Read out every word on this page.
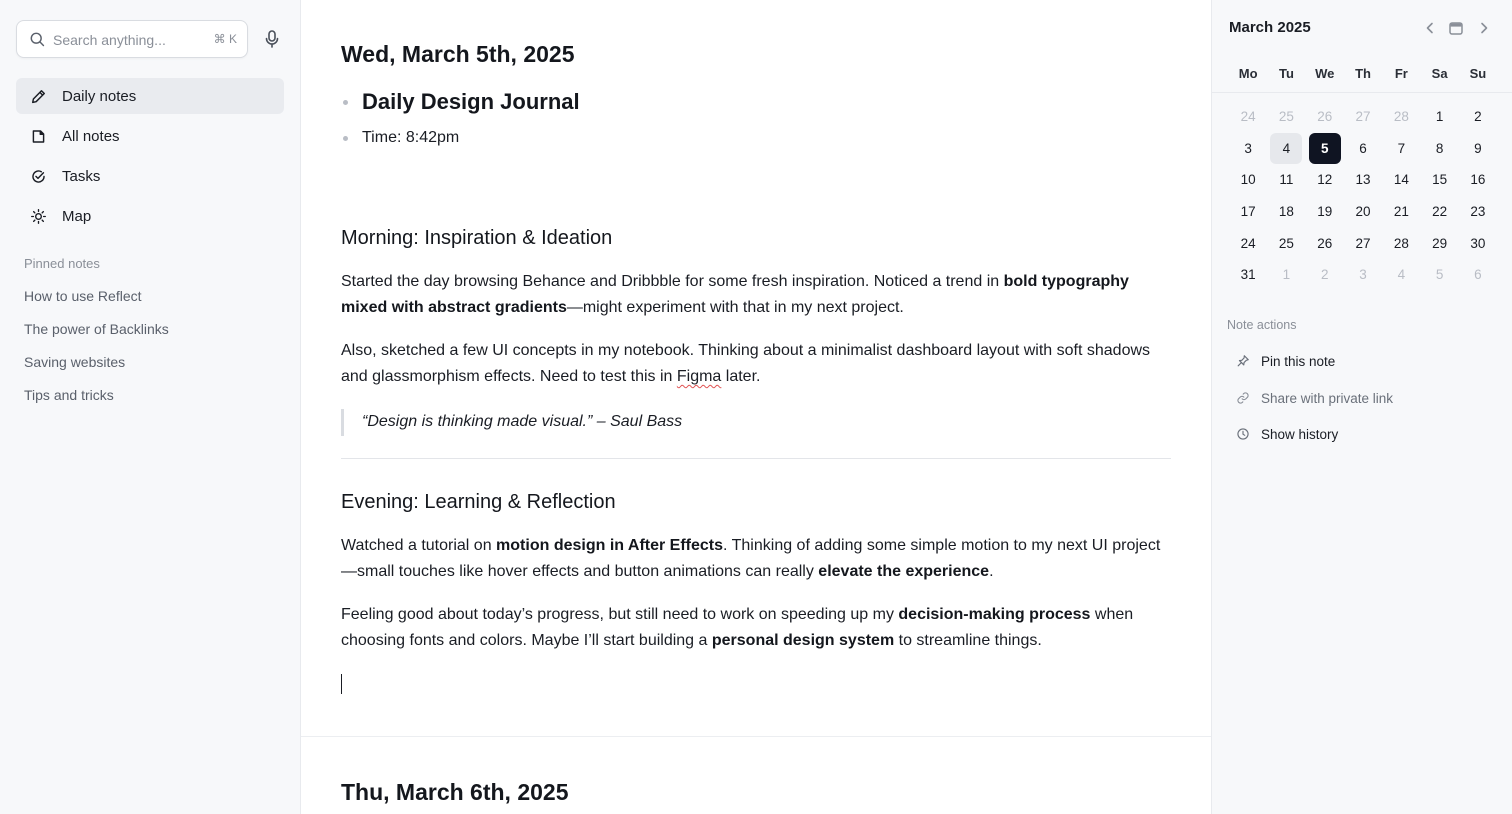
Search anything...
⌘ K
Daily notes
All notes
Tasks
Map
Pinned notes
How to use Reflect
The power of Backlinks
Saving websites
Tips and tricks
Wed, March 5th, 2025
Daily Design Journal
Time: 8:42pm
Morning: Inspiration & Ideation
Started the day browsing Behance and Dribbble for some fresh inspiration. Noticed a trend in bold typography mixed with abstract gradients—might experiment with that in my next project.
Also, sketched a few UI concepts in my notebook. Thinking about a minimalist dashboard layout with soft shadows and glassmorphism effects. Need to test this in Figma later.
“Design is thinking made visual.” – Saul Bass
Evening: Learning & Reflection
Watched a tutorial on motion design in After Effects. Thinking of adding some simple motion to my next UI project—small touches like hover effects and button animations can really elevate the experience.
Feeling good about today’s progress, but still need to work on speeding up my decision-making process when choosing fonts and colors. Maybe I’ll start building a personal design system to streamline things.
Thu, March 6th, 2025
March 2025
Mo	Tu	We	Th	Fr	Sa	Su
24	25	26	27	28	1	2
3	4	5	6	7	8	9
10	11	12	13	14	15	16
17	18	19	20	21	22	23
24	25	26	27	28	29	30
31	1	2	3	4	5	6
Note actions
Pin this note
Share with private link
Show history
